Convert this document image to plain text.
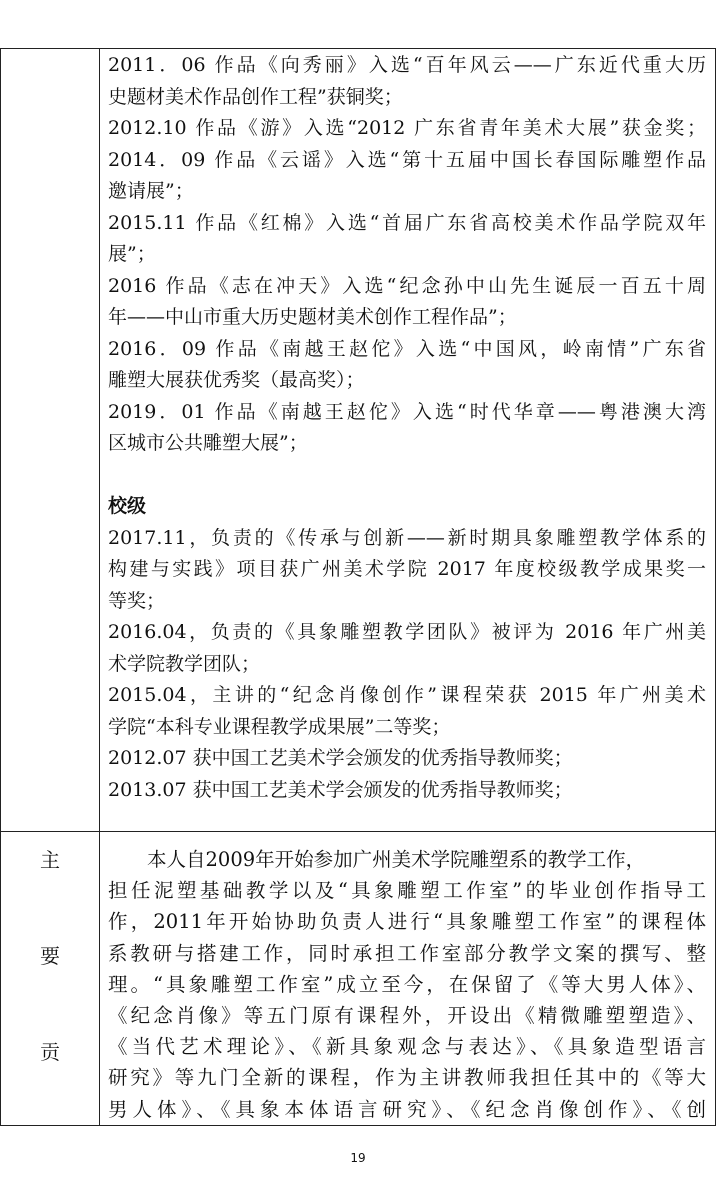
2011．06 作品《向秀丽》入选“百年风云——广东近代重大历
史题材美术作品创作工程”获铜奖；
2012.10 作品《游》入选“2012 广东省青年美术大展”获金奖；
2014．09 作品《云谣》入选“第十五届中国长春国际雕塑作品
邀请展”；
2015.11 作品《红棉》入选“首届广东省高校美术作品学院双年
展”；
2016 作品《志在冲天》入选“纪念孙中山先生诞辰一百五十周
年——中山市重大历史题材美术创作工程作品”；
2016．09 作品《南越王赵佗》入选“中国风，岭南情”广东省
雕塑大展获优秀奖（最高奖）；
2019．01 作品《南越王赵佗》入选“时代华章——粤港澳大湾
区城市公共雕塑大展”；
校级
2017.11，负责的《传承与创新——新时期具象雕塑教学体系的
构建与实践》项目获广州美术学院 2017 年度校级教学成果奖一
等奖；
2016.04，负责的《具象雕塑教学团队》被评为 2016 年广州美
术学院教学团队；
2015.04，主讲的“纪念肖像创作”课程荣获 2015 年广州美术
学院“本科专业课程教学成果展”二等奖；
2012.07 获中国工艺美术学会颁发的优秀指导教师奖；
2013.07 获中国工艺美术学会颁发的优秀指导教师奖；
主
要
贡
本人自2009年开始参加广州美术学院雕塑系的教学工作，
担任泥塑基础教学以及“具象雕塑工作室”的毕业创作指导工
作，2011年开始协助负责人进行“具象雕塑工作室”的课程体
系教研与搭建工作，同时承担工作室部分教学文案的撰写、整
理。“具象雕塑工作室”成立至今，在保留了《等大男人体》、
《纪念肖像》等五门原有课程外，开设出《精微雕塑塑造》、
《当代艺术理论》、《新具象观念与表达》、《具象造型语言
研究》等九门全新的课程，作为主讲教师我担任其中的《等大
男人体》、《具象本体语言研究》、《纪念肖像创作》、《创
19
